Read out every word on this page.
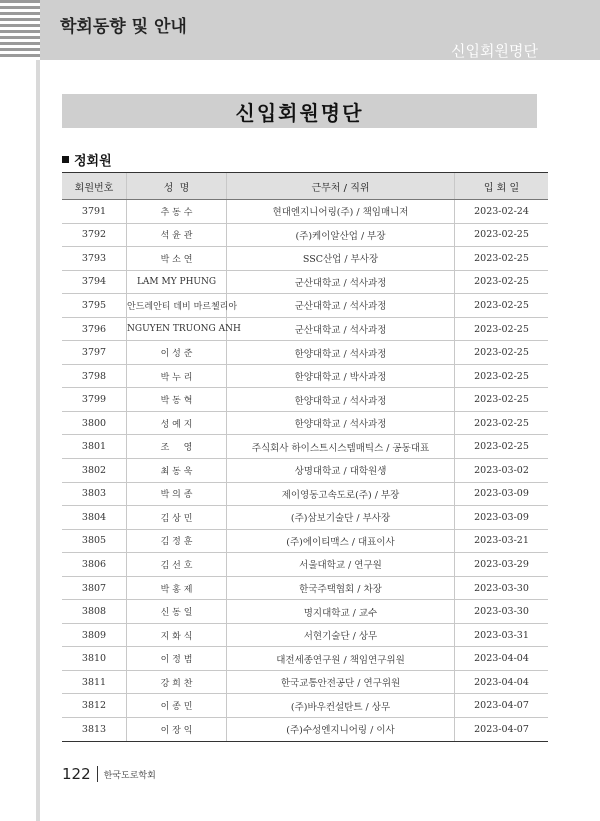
학회동향 및 안내
신입회원명단
신입회원명단
정회원
회원번호	성  명	근무처 / 직위	입 회 일
3791	추 동 수	현대엔지니어링(주) / 책임매니저	2023-02-24
3792	석 윤 관	(주)케이알산업 / 부장	2023-02-25
3793	박 소 연	SSC산업 / 부사장	2023-02-25
3794	LAM MY PHUNG	군산대학교 / 석사과정	2023-02-25
3795	안드레안티 데비 마르첼리아	군산대학교 / 석사과정	2023-02-25
3796	NGUYEN TRUONG ANH	군산대학교 / 석사과정	2023-02-25
3797	이 성 준	한양대학교 / 석사과정	2023-02-25
3798	박 누 리	한양대학교 / 박사과정	2023-02-25
3799	박 동 혁	한양대학교 / 석사과정	2023-02-25
3800	성 예 지	한양대학교 / 석사과정	2023-02-25
3801	조     영	주식회사 하이스트시스템매틱스 / 공동대표	2023-02-25
3802	최 동 욱	상명대학교 / 대학원생	2023-03-02
3803	박 의 종	제이영동고속도로(주) / 부장	2023-03-09
3804	김 상 민	(주)삼보기술단 / 부사장	2023-03-09
3805	김 정 훈	(주)에이티맥스 / 대표이사	2023-03-21
3806	김 선 호	서울대학교 / 연구원	2023-03-29
3807	박 홍 제	한국주택협회 / 차장	2023-03-30
3808	신 동 일	명지대학교 / 교수	2023-03-30
3809	지 화 식	서현기술단 / 상무	2023-03-31
3810	이 정 범	대전세종연구원 / 책임연구위원	2023-04-04
3811	강 희 찬	한국교통안전공단 / 연구위원	2023-04-04
3812	이 종 민	(주)바우컨설탄트 / 상무	2023-04-07
3813	이 장 익	(주)수성엔지니어링 / 이사	2023-04-07
122 한국도로학회
